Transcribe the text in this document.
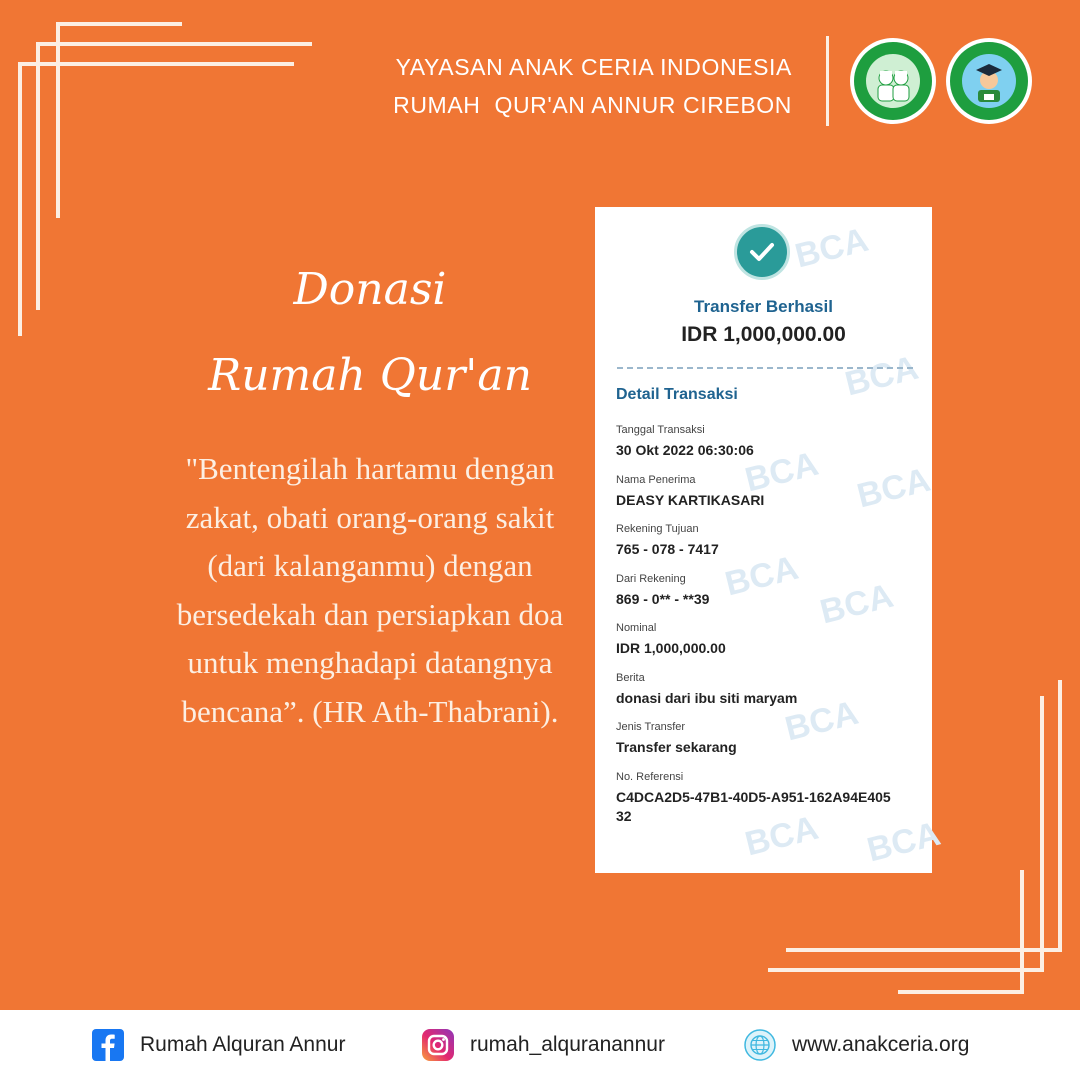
YAYASAN ANAK CERIA INDONESIA
RUMAH  QUR'AN ANNUR CIREBON
Donasi
Rumah Qur'an
"Bentengilah hartamu dengan zakat, obati orang-orang sakit (dari kalanganmu) dengan bersedekah dan persiapkan doa untuk menghadapi datangnya bencana”. (HR Ath-Thabrani).
BCA
BCA
BCA BCA
BCA
BCA
BCA
BCA BCA
Transfer Berhasil
IDR 1,000,000.00
Detail Transaksi
Tanggal Transaksi
30 Okt 2022 06:30:06
Nama Penerima
DEASY KARTIKASARI
Rekening Tujuan
765 - 078 - 7417
Dari Rekening
869 - 0** - **39
Nominal
IDR 1,000,000.00
Berita
donasi dari ibu siti maryam
Jenis Transfer
Transfer sekarang
No. Referensi
C4DCA2D5-47B1-40D5-A951-162A94E405 32
Rumah Alquran Annur	rumah_alquranannur	www.anakceria.org
